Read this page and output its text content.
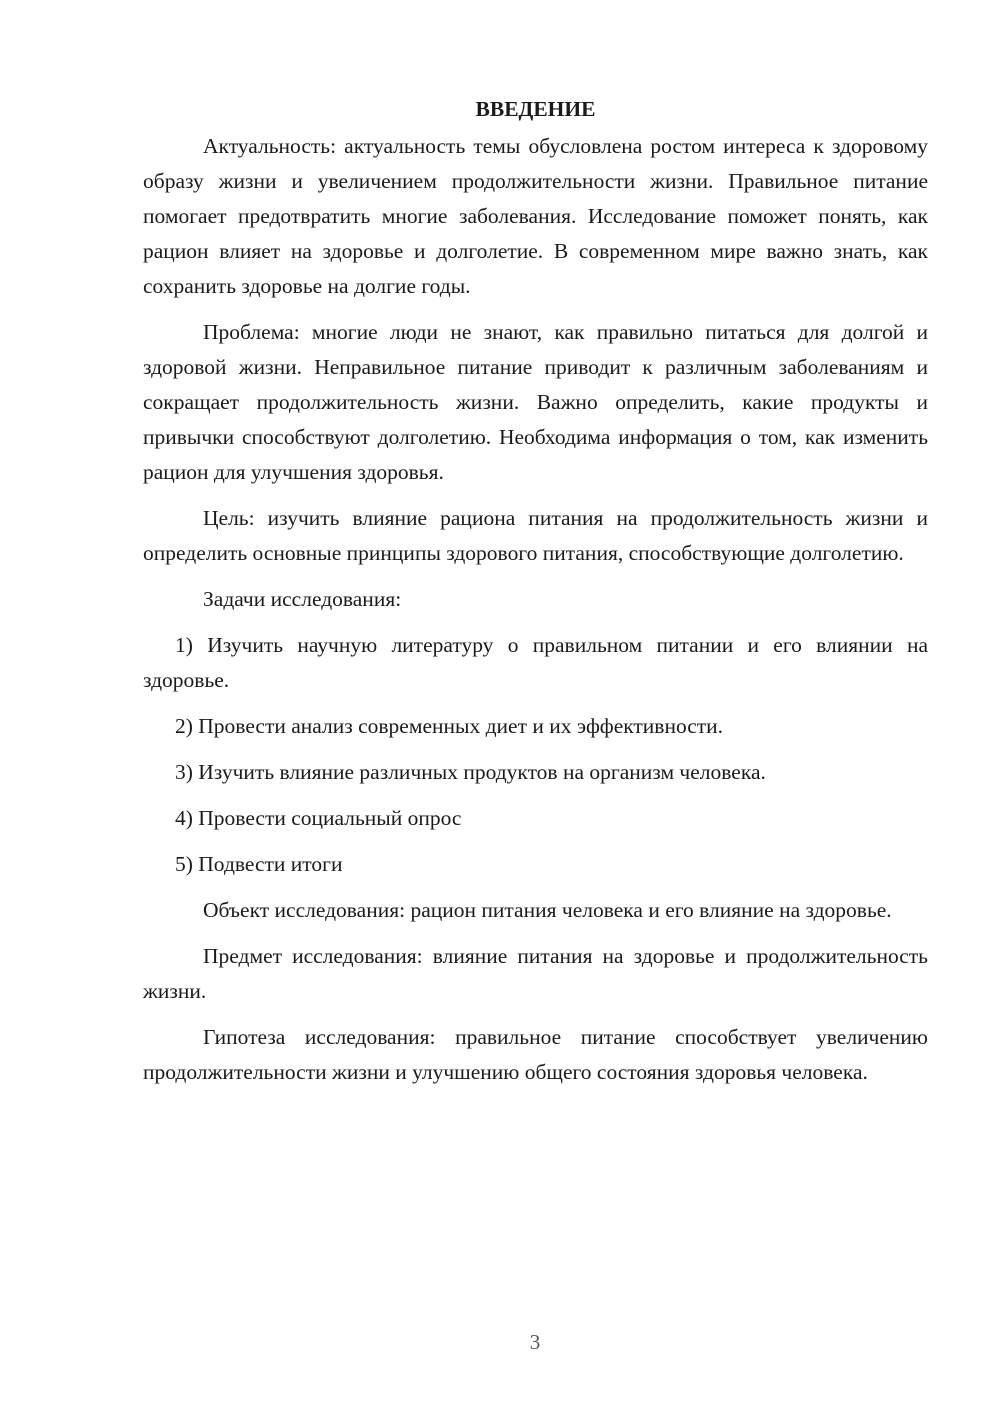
ВВЕДЕНИЕ

Актуальность: актуальность темы обусловлена ростом интереса к здоровому образу жизни и увеличением продолжительности жизни. Правильное питание помогает предотвратить многие заболевания. Исследование поможет понять, как рацион влияет на здоровье и долголетие. В современном мире важно знать, как сохранить здоровье на долгие годы.

Проблема: многие люди не знают, как правильно питаться для долгой и здоровой жизни. Неправильное питание приводит к различным заболеваниям и сокращает продолжительность жизни. Важно определить, какие продукты и привычки способствуют долголетию. Необходима информация о том, как изменить рацион для улучшения здоровья.

Цель: изучить влияние рациона питания на продолжительность жизни и определить основные принципы здорового питания, способствующие долголетию.

Задачи исследования:

1) Изучить научную литературу о правильном питании и его влиянии на здоровье.

2) Провести анализ современных диет и их эффективности.

3) Изучить влияние различных продуктов на организм человека.

4) Провести социальный опрос

5) Подвести итоги

Объект исследования: рацион питания человека и его влияние на здоровье.

Предмет исследования: влияние питания на здоровье и продолжительность жизни.

Гипотеза исследования: правильное питание способствует увеличению продолжительности жизни и улучшению общего состояния здоровья человека.

3
